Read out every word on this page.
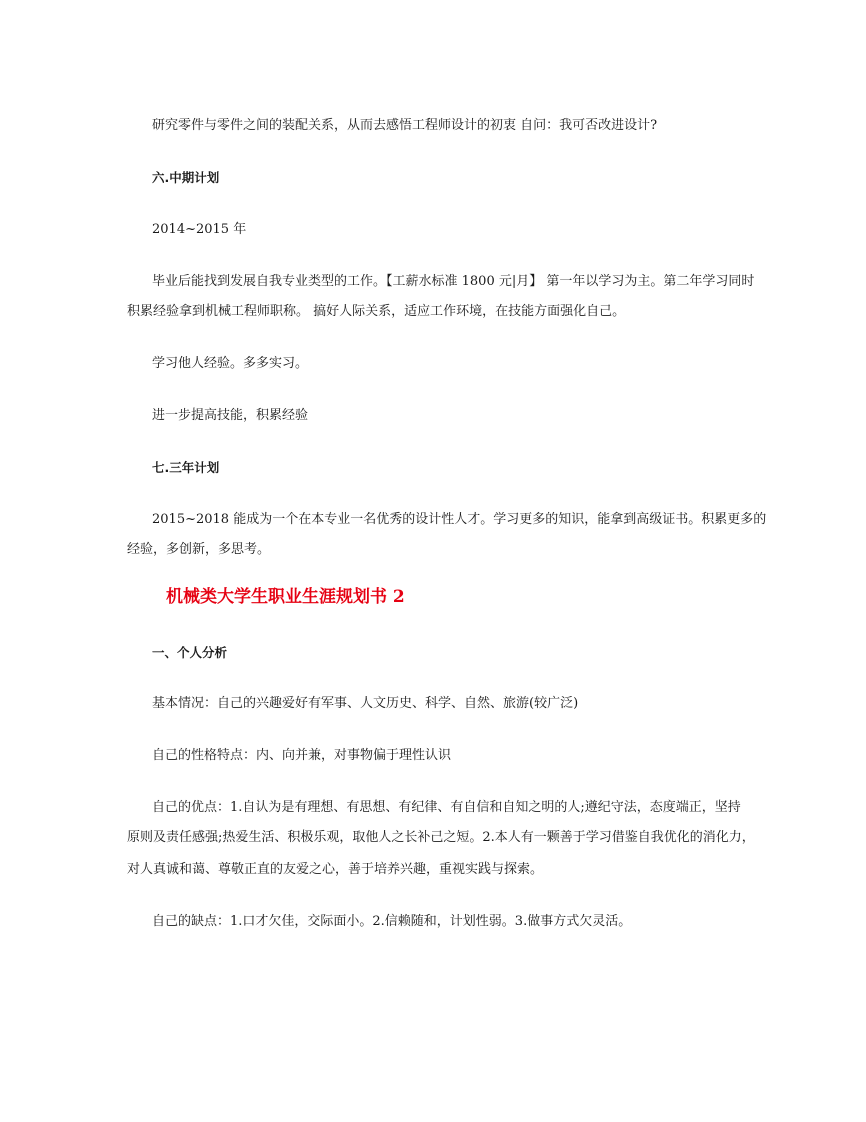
研究零件与零件之间的装配关系，从而去感悟工程师设计的初衷 自问：我可否改进设计?
六.中期计划
2014~2015 年
毕业后能找到发展自我专业类型的工作。【工薪水标准 1800 元|月】 第一年以学习为主。第二年学习同时
积累经验拿到机械工程师职称。 搞好人际关系，适应工作环境，在技能方面强化自己。
学习他人经验。多多实习。
进一步提高技能，积累经验
七.三年计划
2015~2018 能成为一个在本专业一名优秀的设计性人才。学习更多的知识，能拿到高级证书。积累更多的
经验，多创新，多思考。
机械类大学生职业生涯规划书 2
一、个人分析
基本情况：自己的兴趣爱好有军事、人文历史、科学、自然、旅游(较广泛)
自己的性格特点：内、向并兼，对事物偏于理性认识
自己的优点：1.自认为是有理想、有思想、有纪律、有自信和自知之明的人;遵纪守法，态度端正，坚持
原则及责任感强;热爱生活、积极乐观，取他人之长补己之短。2.本人有一颗善于学习借鉴自我优化的消化力，
对人真诚和蔼、尊敬正直的友爱之心，善于培养兴趣，重视实践与探索。
自己的缺点：1.口才欠佳，交际面小。2.信赖随和，计划性弱。3.做事方式欠灵活。
